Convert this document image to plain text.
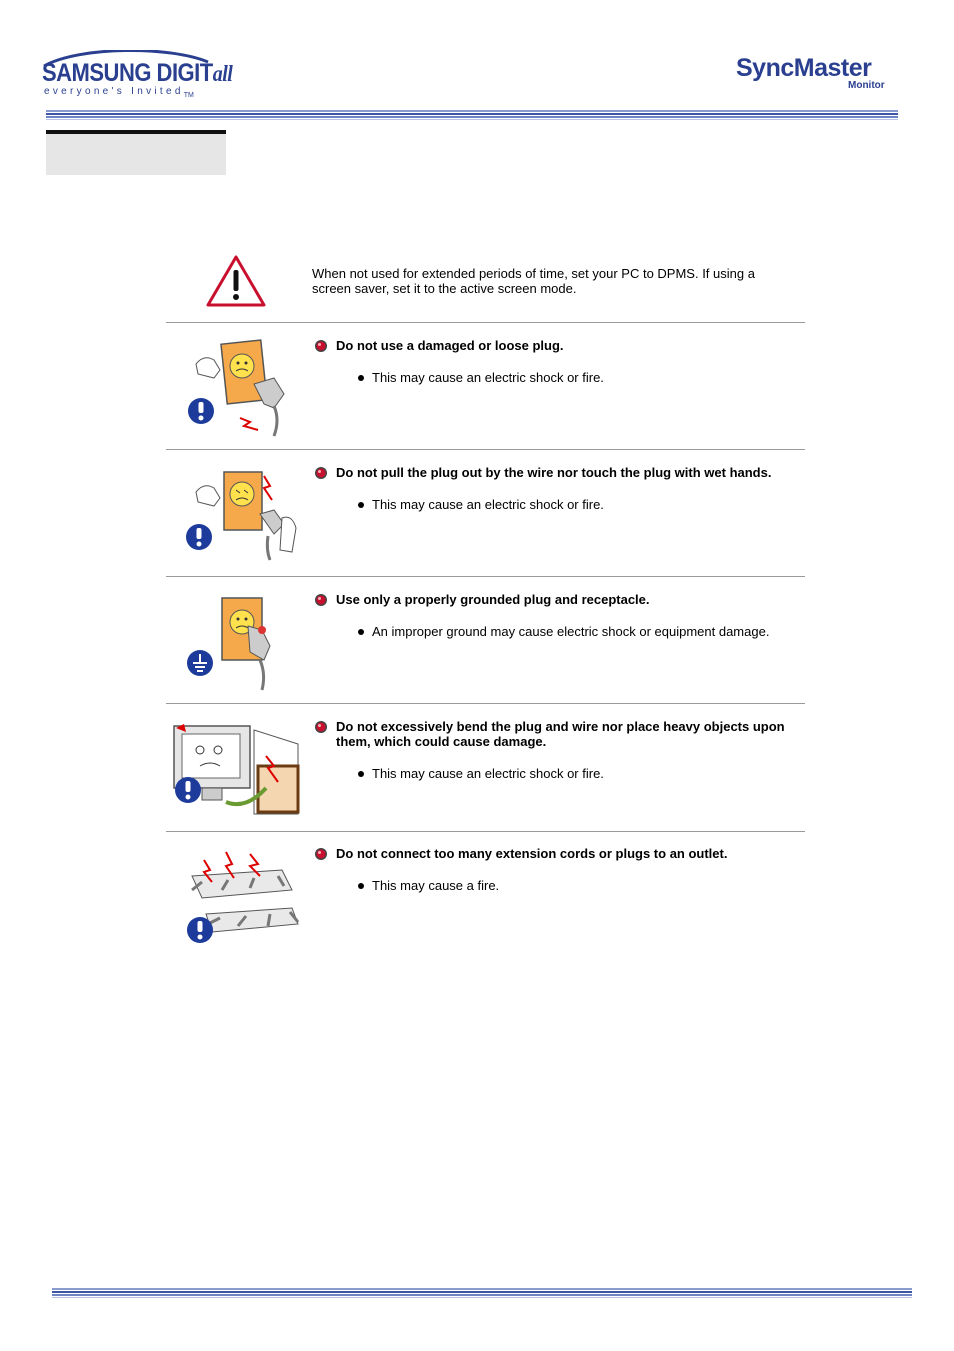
SAMSUNG DIGITall
everyone's Invited$_{TM}$
SyncMaster
Monitor
When not used for extended periods of time, set your PC to DPMS. If using a screen saver, set it to the active screen mode.
Do not use a damaged or loose plug.
This may cause an electric shock or fire.
Do not pull the plug out by the wire nor touch the plug with wet hands.
This may cause an electric shock or fire.
Use only a properly grounded plug and receptacle.
An improper ground may cause electric shock or equipment damage.
Do not excessively bend the plug and wire nor place heavy objects upon them, which could cause damage.
This may cause an electric shock or fire.
Do not connect too many extension cords or plugs to an outlet.
This may cause a fire.
